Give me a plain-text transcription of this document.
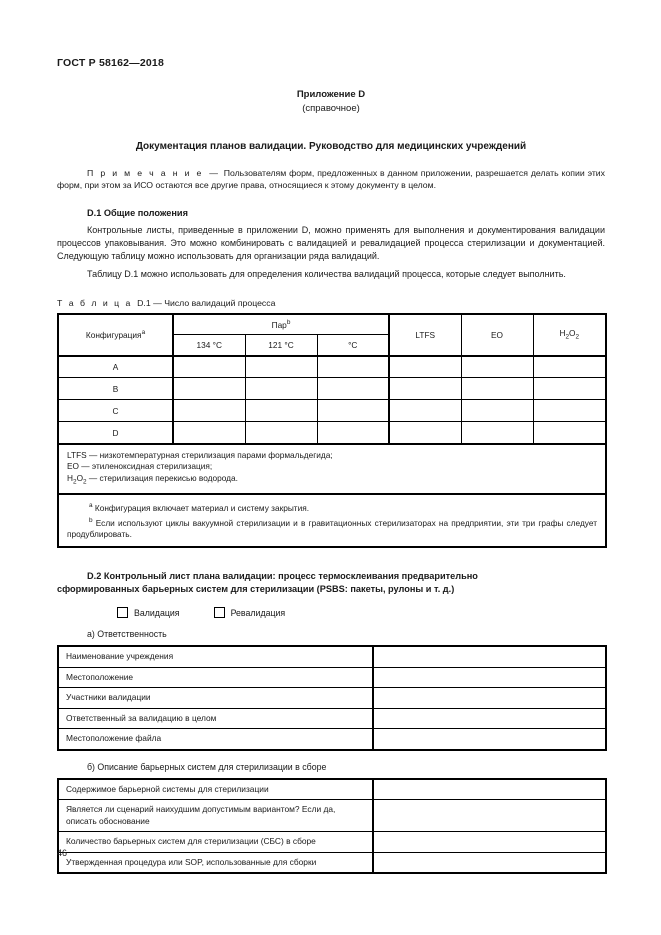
ГОСТ Р 58162—2018
Приложение D
(справочное)
Документация планов валидации. Руководство для медицинских учреждений

П р и м е ч а н и е — Пользователям форм, предложенных в данном приложении, разрешается делать копии этих форм, при этом за ИСО остаются все другие права, относящиеся к этому документу в целом.

D.1 Общие положения

Контрольные листы, приведенные в приложении D, можно применять для выполнения и документирования валидации процессов упаковывания. Это можно комбинировать с валидацией и ревалидацией процесса стерилизации и документацией. Следующую таблицу можно использовать для организации ряда валидаций.

Таблицу D.1 можно использовать для определения количества валидаций процесса, которые следует выполнить.

Т а б л и ц а D.1 — Число валидаций процесса
Конфигурация$^a$	Пар$^b$			LTFS	EO	$H_2O_2$
	134 °C	121 °C	°C			
A						
B						
C						
D						

LTFS — низкотемпературная стерилизация парами формальдегида;
EO — этиленоксидная стерилизация;
$H_2O_2$ — стерилизация перекисью водорода.						

$^a$ Конфигурация включает материал и систему закрытия.
$^b$ Если используют циклы вакуумной стерилизации и в гравитационных стерилизаторах на предприятии, эти три графы следует продублировать.						

D.2 Контрольный лист плана валидации: процесс термосклеивания предварительно
сформированных барьерных систем для стерилизации (PSBS: пакеты, рулоны и т. д.)

Валидация	Ревалидация
а) Ответственность
Наименование учреждения	
Местоположение	
Участники валидации	
Ответственный за валидацию в целом	
Местоположение файла	
б) Описание барьерных систем для стерилизации в сборе
Содержимое барьерной системы для стерилизации	
Является ли сценарий наихудшим допустимым вариантом? Если да, описать обоснование	
Количество барьерных систем для стерилизации (СБС) в сборе	
Утвержденная процедура или SOP, использованные для сборки	
46
